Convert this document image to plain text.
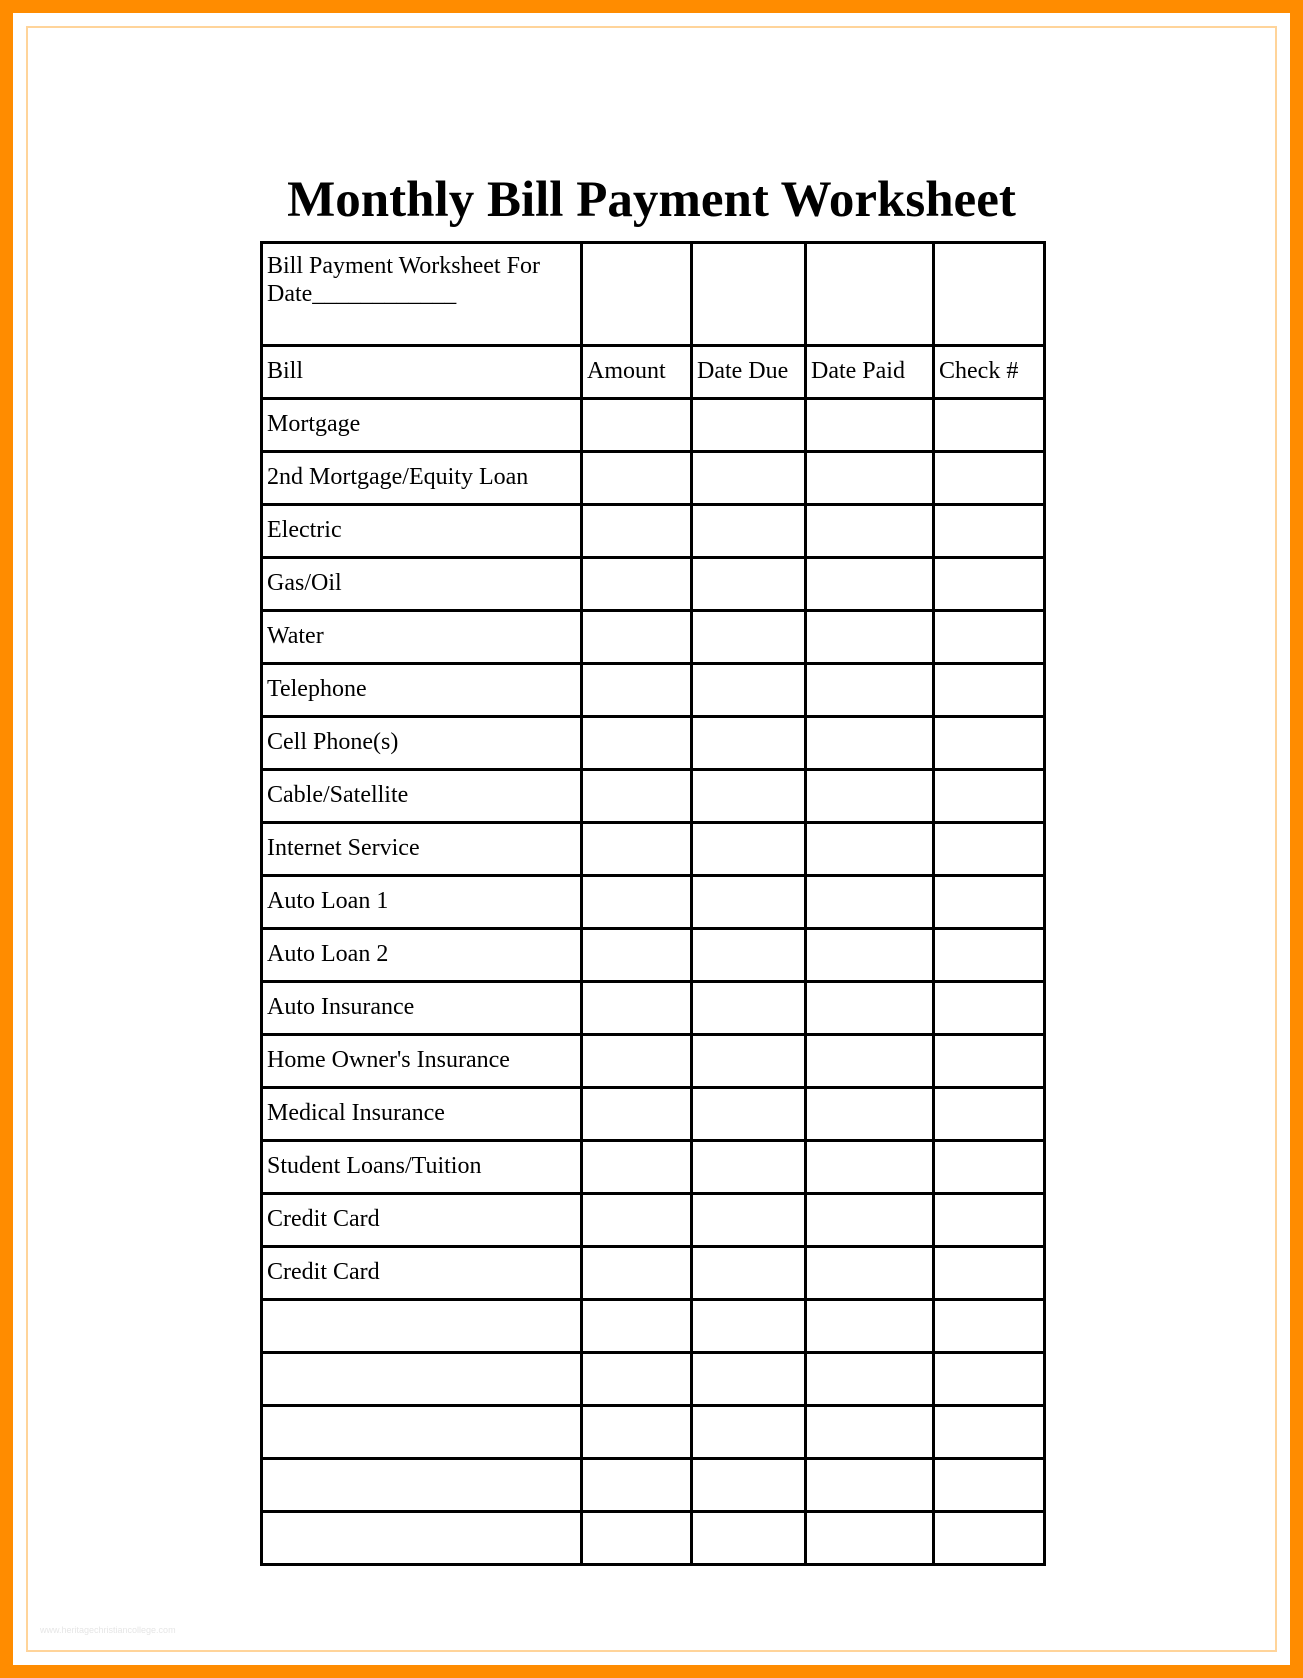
Monthly Bill Payment Worksheet
Bill Payment Worksheet For
Date____________				
Bill	Amount	Date Due	Date Paid	Check #
Mortgage				
2nd Mortgage/Equity Loan				
Electric				
Gas/Oil				
Water				
Telephone				
Cell Phone(s)				
Cable/Satellite				
Internet Service				
Auto Loan 1				
Auto Loan 2				
Auto Insurance				
Home Owner's Insurance				
Medical Insurance				
Student Loans/Tuition				
Credit Card				
Credit Card				

www.heritagechristiancollege.com
